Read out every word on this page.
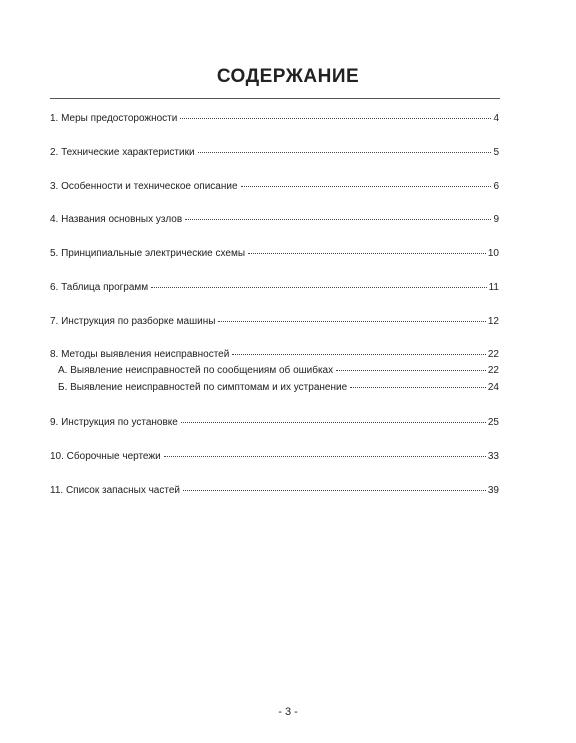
СОДЕРЖАНИЕ
1. Меры предосторожности	4
2. Технические характеристики	5
3. Особенности и техническое описание	6
4. Названия основных узлов	9
5. Принципиальные электрические схемы	10
6. Таблица программ	11
7. Инструкция по разборке машины	12
8. Методы выявления неисправностей	22
А. Выявление неисправностей по сообщениям об ошибках	22
Б. Выявление неисправностей по симптомам и их устранение	24
9. Инструкция по установке	25
10. Сборочные чертежи	33
11. Список запасных частей	39
- 3 -
